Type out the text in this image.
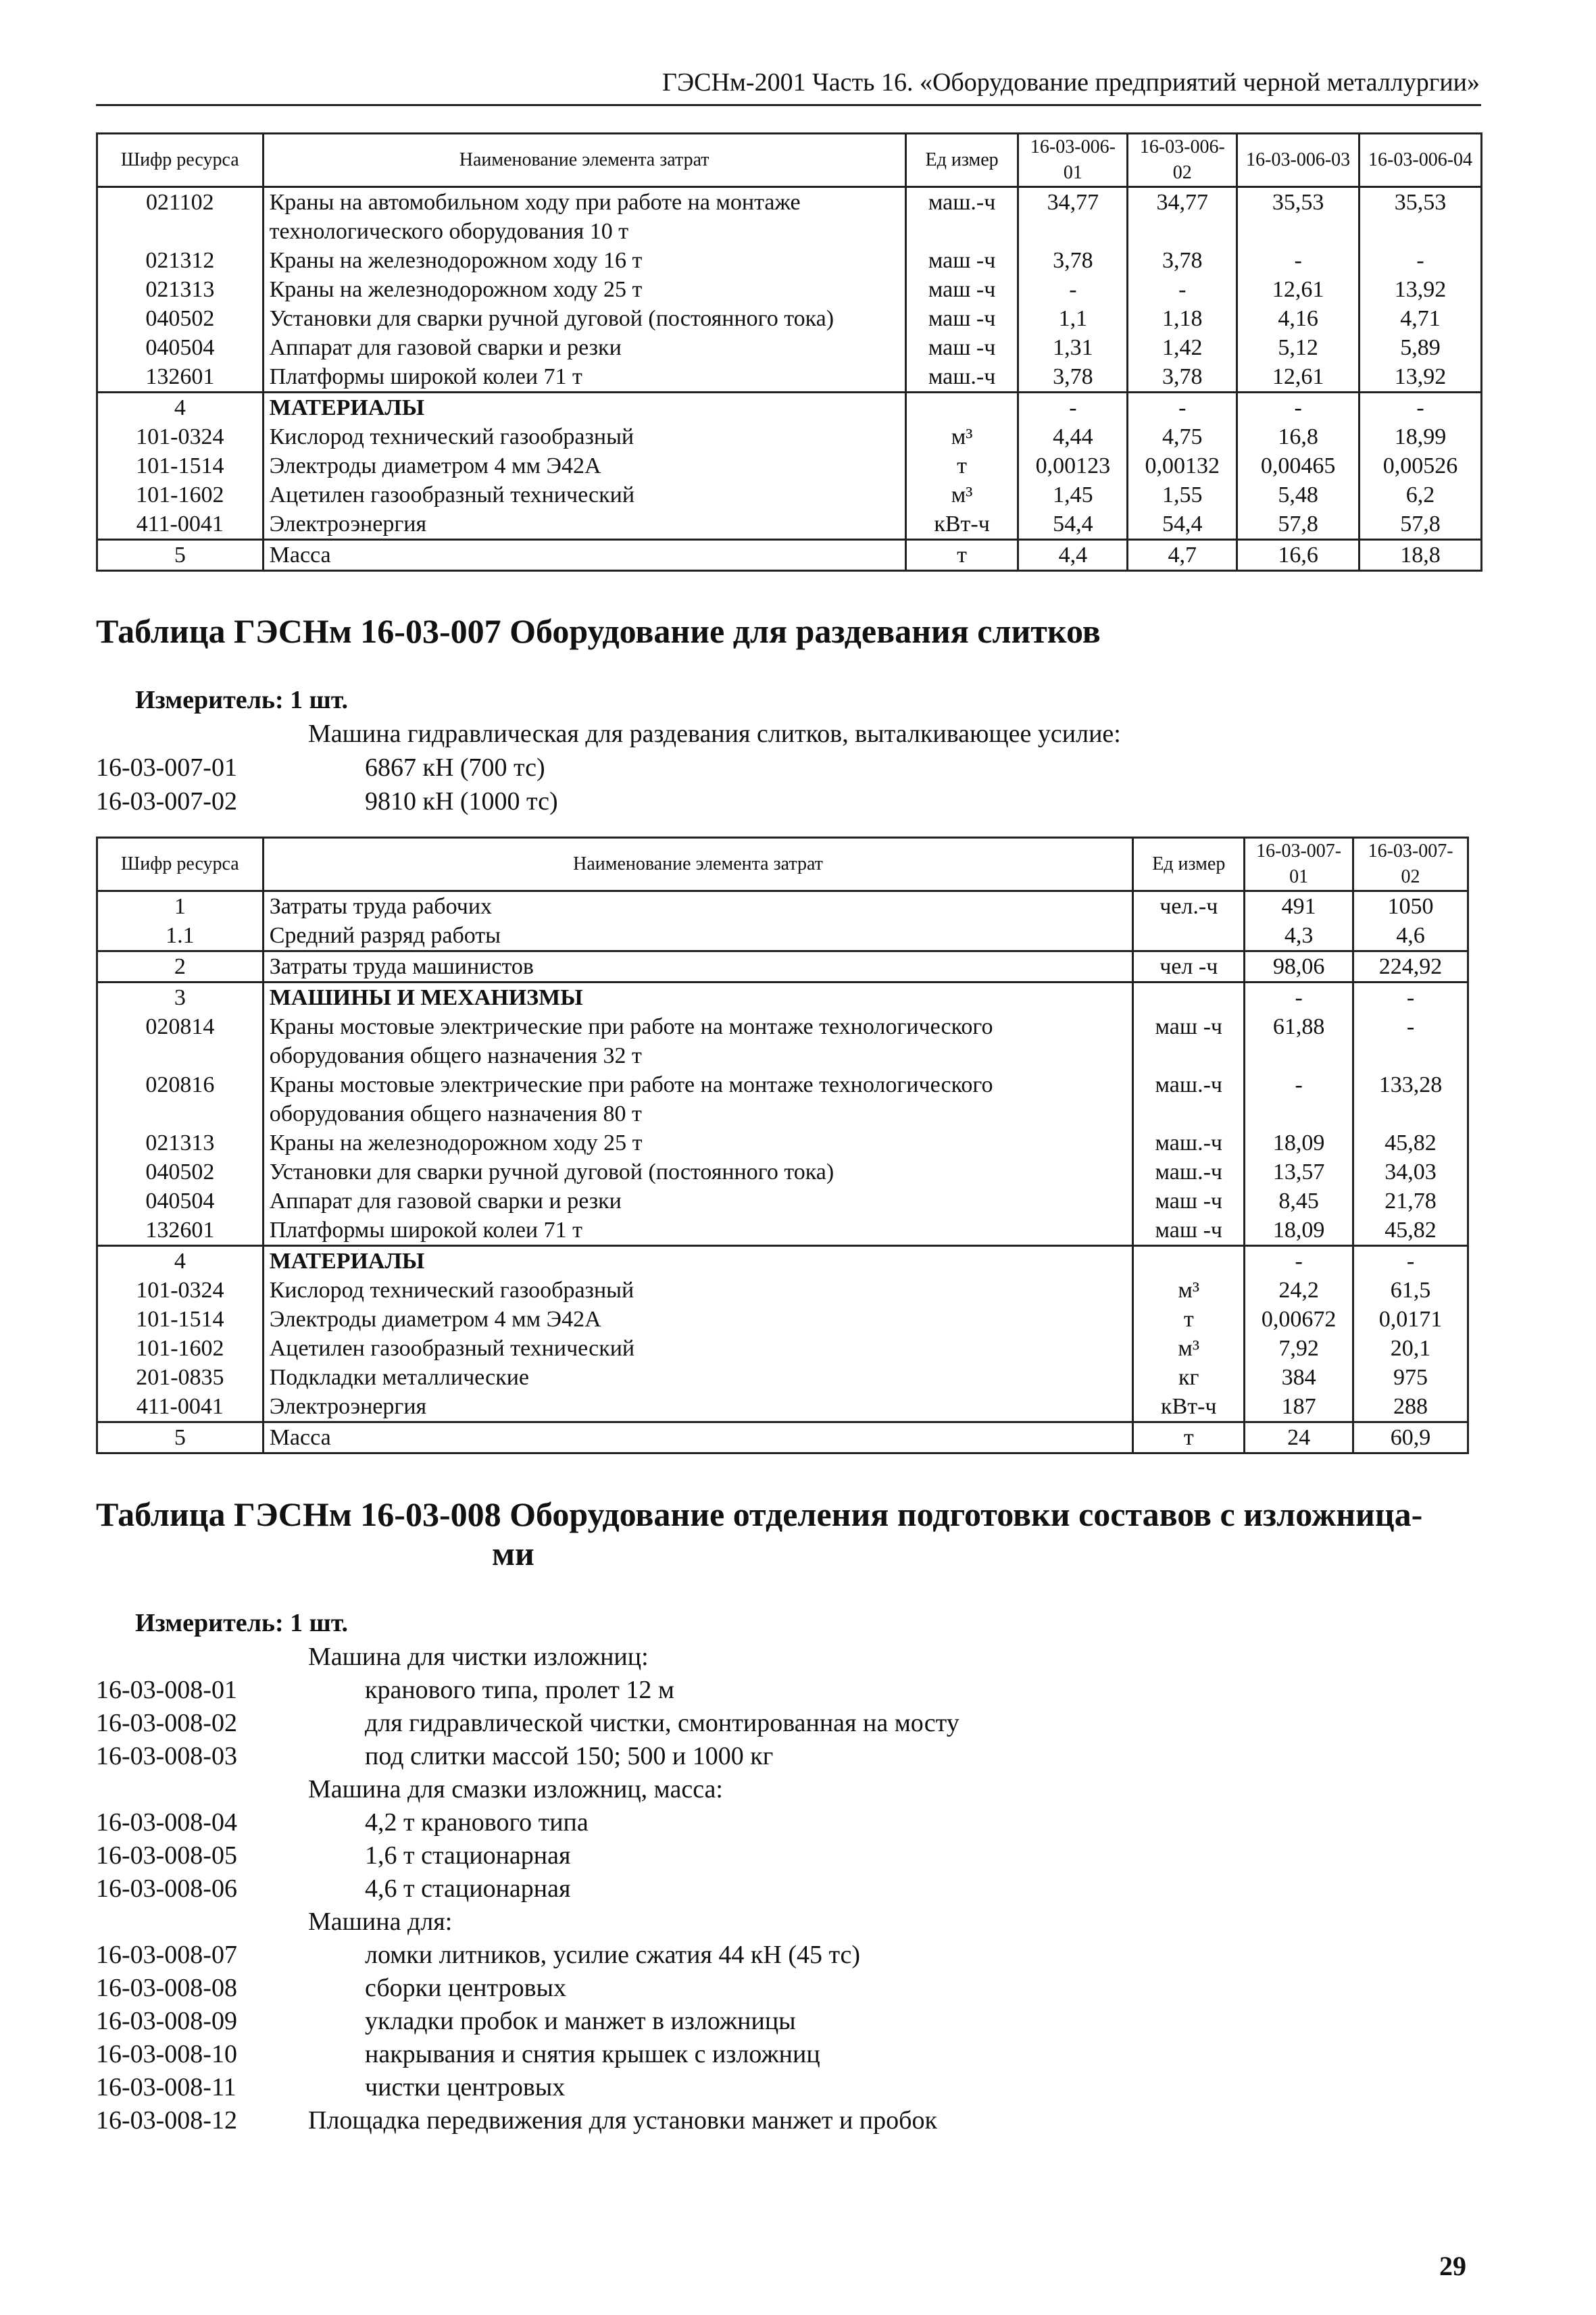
ГЭСНм-2001 Часть 16. «Оборудование предприятий черной металлургии»
Шифр ресурса	Наименование элемента затрат	Ед измер	16-03-006-01	16-03-006-02	16-03-006-03	16-03-006-04
021102	Краны на автомобильном ходу при работе на монтаже технологического оборудования 10 т	маш.-ч	34,77	34,77	35,53	35,53
021312	Краны на железнодорожном ходу 16 т	маш -ч	3,78	3,78	-	-
021313	Краны на железнодорожном ходу 25 т	маш -ч	-	-	12,61	13,92
040502	Установки для сварки ручной дуговой (постоянного тока)	маш -ч	1,1	1,18	4,16	4,71
040504	Аппарат для газовой сварки и резки	маш -ч	1,31	1,42	5,12	5,89
132601	Платформы широкой колеи 71 т	маш.-ч	3,78	3,78	12,61	13,92
4	МАТЕРИАЛЫ		-	-	-	-
101-0324	Кислород технический газообразный	м³	4,44	4,75	16,8	18,99
101-1514	Электроды диаметром 4 мм Э42А	т	0,00123	0,00132	0,00465	0,00526
101-1602	Ацетилен газообразный технический	м³	1,45	1,55	5,48	6,2
411-0041	Электроэнергия	кВт-ч	54,4	54,4	57,8	57,8
5	Масса	т	4,4	4,7	16,6	18,8
Таблица ГЭСНм 16-03-007 Оборудование для раздевания слитков
Измеритель: 1 шт.
Машина гидравлическая для раздевания слитков, выталкивающее усилие:
16-03-007-01	6867 кН (700 тс)
16-03-007-02	9810 кН (1000 тс)
Шифр ресурса	Наименование элемента затрат	Ед измер	16-03-007-01	16-03-007-02
1	Затраты труда рабочих	чел.-ч	491	1050
1.1	Средний разряд работы		4,3	4,6
2	Затраты труда машинистов	чел -ч	98,06	224,92
3	МАШИНЫ И МЕХАНИЗМЫ		-	-
020814	Краны мостовые электрические при работе на монтаже технологического оборудования общего назначения 32 т	маш -ч	61,88	-
020816	Краны мостовые электрические при работе на монтаже технологического оборудования общего назначения 80 т	маш.-ч	-	133,28
021313	Краны на железнодорожном ходу 25 т	маш.-ч	18,09	45,82
040502	Установки для сварки ручной дуговой (постоянного тока)	маш.-ч	13,57	34,03
040504	Аппарат для газовой сварки и резки	маш -ч	8,45	21,78
132601	Платформы широкой колеи 71 т	маш -ч	18,09	45,82
4	МАТЕРИАЛЫ		-	-
101-0324	Кислород технический газообразный	м³	24,2	61,5
101-1514	Электроды диаметром 4 мм Э42А	т	0,00672	0,0171
101-1602	Ацетилен газообразный технический	м³	7,92	20,1
201-0835	Подкладки металлические	кг	384	975
411-0041	Электроэнергия	кВт-ч	187	288
5	Масса	т	24	60,9
Таблица ГЭСНм 16-03-008 Оборудование отделения подготовки составов с изложница-
ми
Измеритель: 1 шт.
Машина для чистки изложниц:
16-03-008-01	кранового типа, пролет 12 м
16-03-008-02	для гидравлической чистки, смонтированная на мосту
16-03-008-03	под слитки массой 150; 500 и 1000 кг
Машина для смазки изложниц, масса:
16-03-008-04	4,2 т кранового типа
16-03-008-05	1,6 т стационарная
16-03-008-06	4,6 т стационарная
Машина для:
16-03-008-07	ломки литников, усилие сжатия 44 кН (45 тс)
16-03-008-08	сборки центровых
16-03-008-09	укладки пробок и манжет в изложницы
16-03-008-10	накрывания и снятия крышек с изложниц
16-03-008-11	чистки центровых
16-03-008-12	Площадка передвижения для установки манжет и пробок
29
